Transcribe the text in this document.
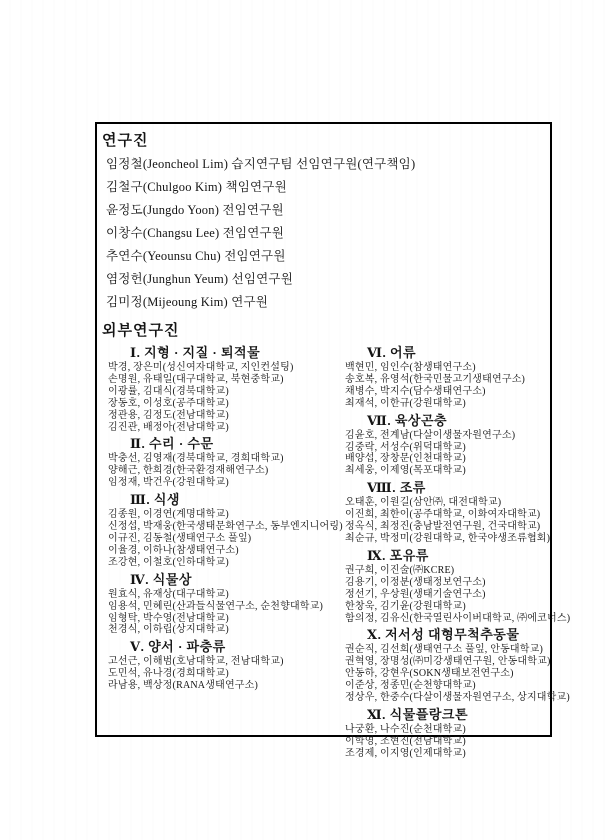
연구진
임정철(Jeoncheol Lim) 습지연구팀 선임연구원(연구책임)
김철구(Chulgoo Kim) 책임연구원
윤정도(Jungdo Yoon) 전임연구원
이창수(Changsu Lee) 전임연구원
추연수(Yeounsu Chu) 전임연구원
염정헌(Junghun Yeum) 선임연구원
김미정(Mijeoung Kim) 연구원
외부연구진
Ⅰ. 지형 · 지질 · 퇴적물
박경, 장은미(성신여자대학교, 지인컨설팅)
손명원, 유태일(대구대학교, 북현중학교)
이광률, 김대식(경북대학교)
장동호, 이성호(공주대학교)
정관용, 김정도(전남대학교)
김진관, 배정아(전남대학교)
Ⅱ. 수리 · 수문
박충선, 김영재(경북대학교, 경희대학교)
양해근, 한희경(한국환경재해연구소)
임정재, 박건우(강원대학교)
Ⅲ. 식생
김종원, 이경연(계명대학교)
신정섭, 박재웅(한국생태문화연구소, 동부엔지니어링)
이규진, 김동철(생태연구소 풀잎)
이율경, 이하나(참생태연구소)
조강현, 이철호(인하대학교)
Ⅳ. 식물상
원효식, 유재상(대구대학교)
임용석, 민혜린(산과들식물연구소, 순천향대학교)
임형탁, 박수영(전남대학교)
천경식, 이하립(상지대학교)
Ⅴ. 양서 · 파충류
고선근, 이해범(호남대학교, 전남대학교)
도민석, 유나경(경희대학교)
라남용, 백상정(RANA생태연구소)
Ⅵ. 어류
백현민, 임인수(참생태연구소)
송호복, 유영석(한국민물고기생태연구소)
채병수, 박지수(담수생태연구소)
최재석, 이한규(강원대학교)
Ⅶ. 육상곤충
김윤호, 전계남(다살이생물자원연구소)
김중락, 서성수(위덕대학교)
배양섭, 장창문(인천대학교)
최세웅, 이제영(목포대학교)
Ⅷ. 조류
오태훈, 이원길(삼안㈜, 대전대학교)
이진희, 최한이(공주대학교, 이화여자대학교)
정옥식, 최정진(충남발전연구원, 건국대학교)
최순규, 박정미(강원대학교, 한국야생조류협회)
Ⅸ. 포유류
권구희, 이진술(㈜KCRE)
김용기, 이정분(생태정보연구소)
정선기, 우상원(생태기술연구소)
한창욱, 김기윤(강원대학교)
함의정, 김유신(한국열린사이버대학교, ㈜에코너스)
Ⅹ. 저서성 대형무척추동물
권순직, 김선희(생태연구소 풀잎, 안동대학교)
권혁영, 장명성(㈜미강생태연구원, 안동대학교)
안동하, 강현우(SOKN생태보전연구소)
이준상, 정종민(순천향대학교)
정상우, 한중수(다살이생물자원연구소, 상지대학교)
Ⅺ. 식물플랑크톤
나궁환, 나수진(순천대학교)
이학영, 조현진(전남대학교)
조경제, 이지영(인제대학교)
